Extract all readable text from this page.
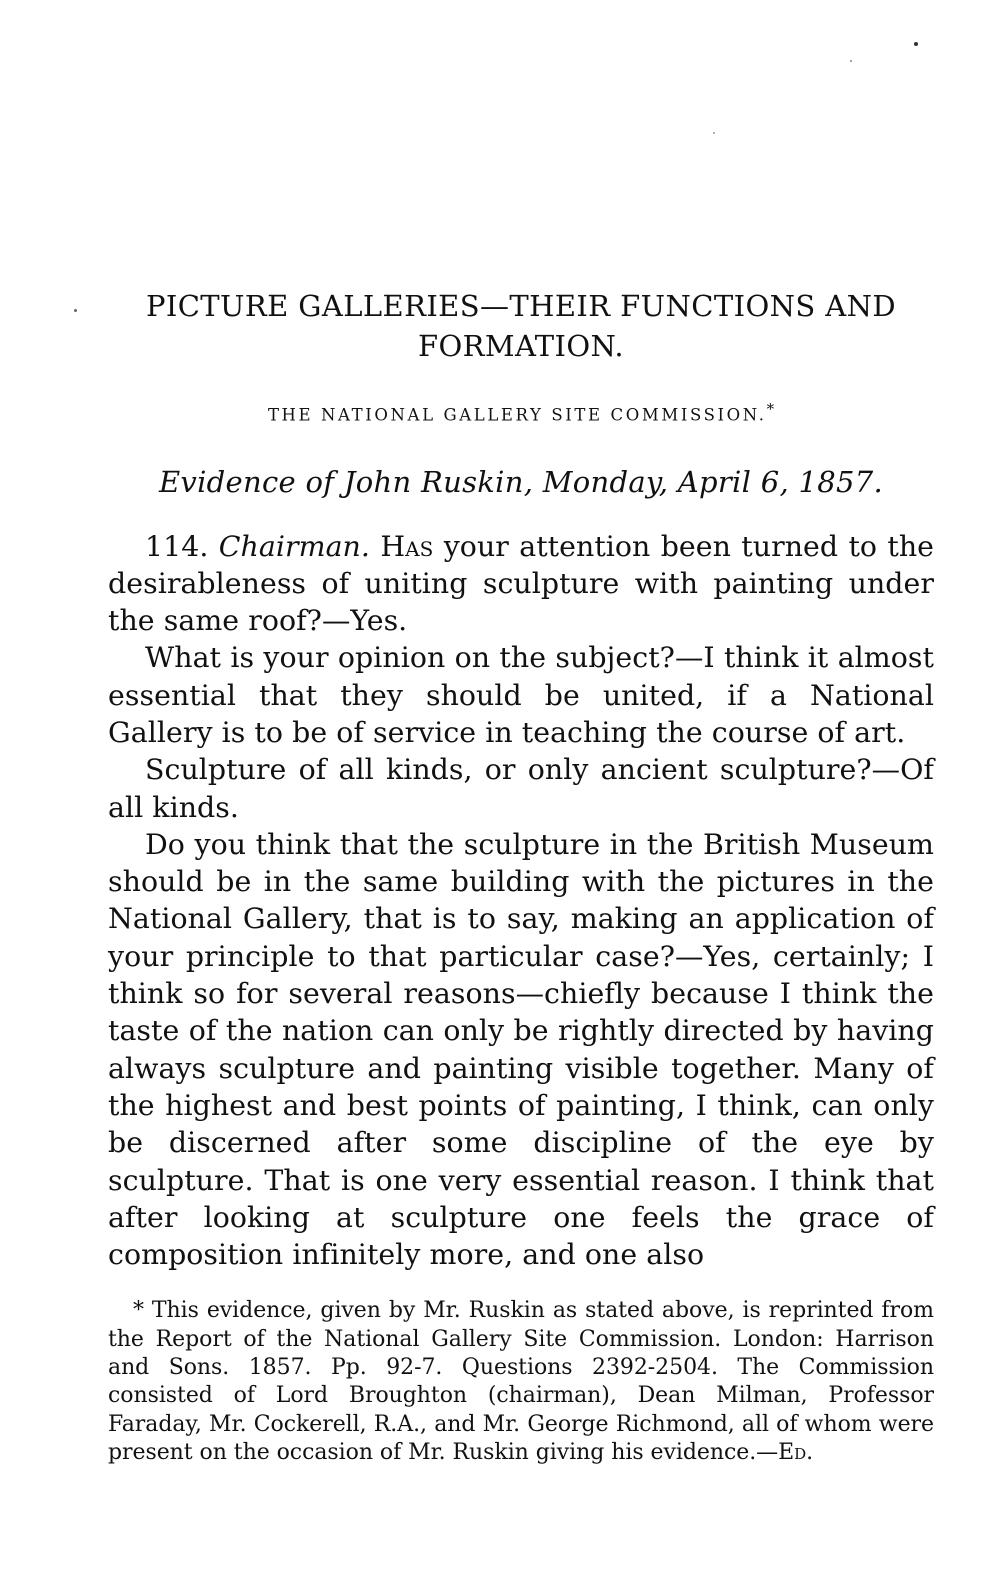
PICTURE GALLERIES—THEIR FUNCTIONS AND FORMATION.
THE NATIONAL GALLERY SITE COMMISSION.*
Evidence of John Ruskin, Monday, April 6, 1857.

114. Chairman. Has your attention been turned to the desirableness of uniting sculpture with painting under the same roof?—Yes.

What is your opinion on the subject?—I think it almost essential that they should be united, if a National Gallery is to be of service in teaching the course of art.

Sculpture of all kinds, or only ancient sculpture?—Of all kinds.

Do you think that the sculpture in the British Museum should be in the same building with the pictures in the National Gallery, that is to say, making an application of your principle to that particular case?—Yes, certainly; I think so for several reasons—chiefly because I think the taste of the nation can only be rightly directed by having always sculpture and painting visible together. Many of the highest and best points of painting, I think, can only be discerned after some discipline of the eye by sculpture. That is one very essential reason. I think that after looking at sculpture one feels the grace of composition infinitely more, and one also

* This evidence, given by Mr. Ruskin as stated above, is reprinted from the Report of the National Gallery Site Commission. London: Harrison and Sons. 1857. Pp. 92-7. Questions 2392-2504. The Commission consisted of Lord Broughton (chairman), Dean Milman, Professor Faraday, Mr. Cockerell, R.A., and Mr. George Richmond, all of whom were present on the occasion of Mr. Ruskin giving his evidence.—Ed.
